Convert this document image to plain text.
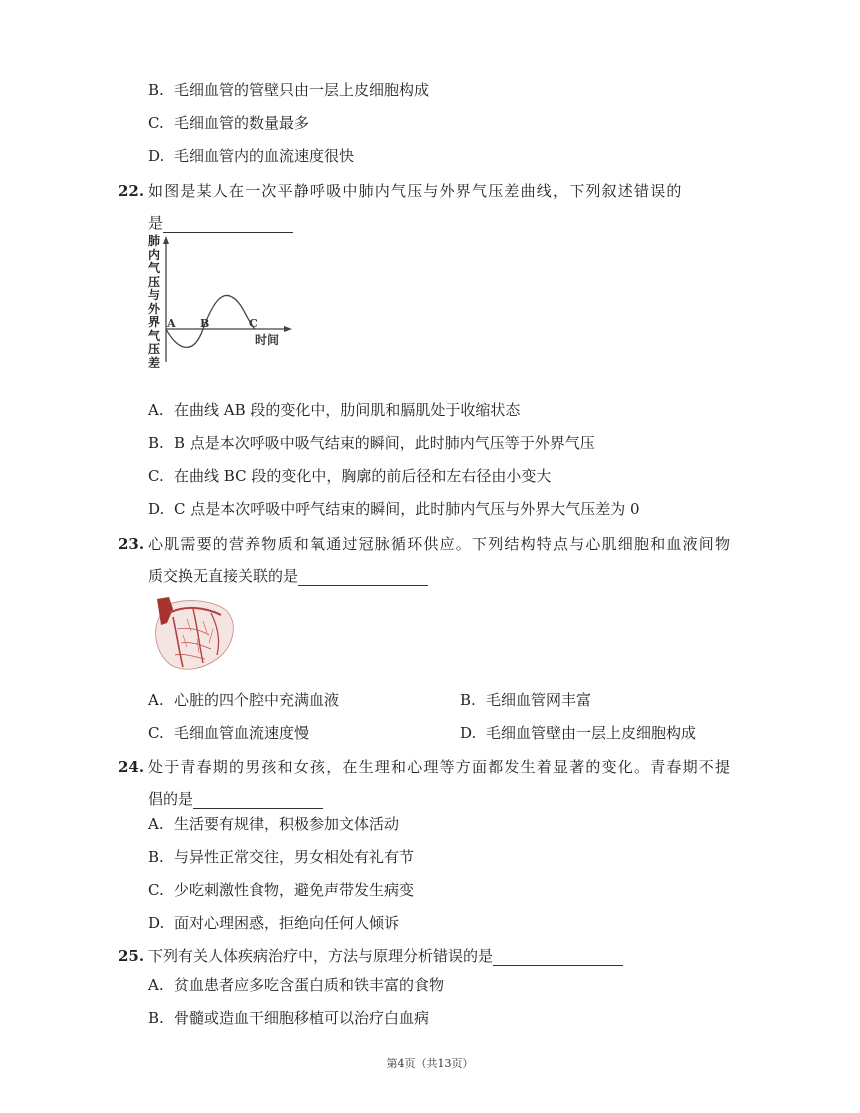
B. 毛细血管的管壁只由一层上皮细胞构成
C. 毛细血管的数量最多
D. 毛细血管内的血流速度很快
22. 如图是某人在一次平静呼吸中肺内气压与外界气压差曲线，下列叙述错误的
是
肺内气压与外界气压差
A B	C
时间
A. 在曲线 AB 段的变化中，肋间肌和膈肌处于收缩状态
B. B 点是本次呼吸中吸气结束的瞬间，此时肺内气压等于外界气压
C. 在曲线 BC 段的变化中，胸廓的前后径和左右径由小变大
D. C 点是本次呼吸中呼气结束的瞬间，此时肺内气压与外界大气压差为 0
23. 心肌需要的营养物质和氧通过冠脉循环供应。下列结构特点与心肌细胞和血液间物
质交换无直接关联的是
A. 心脏的四个腔中充满血液	B. 毛细血管网丰富
C. 毛细血管血流速度慢	D. 毛细血管壁由一层上皮细胞构成
24. 处于青春期的男孩和女孩，在生理和心理等方面都发生着显著的变化。青春期不提
倡的是
A. 生活要有规律，积极参加文体活动
B. 与异性正常交往，男女相处有礼有节
C. 少吃刺激性食物，避免声带发生病变
D. 面对心理困惑，拒绝向任何人倾诉
25. 下列有关人体疾病治疗中，方法与原理分析错误的是
A. 贫血患者应多吃含蛋白质和铁丰富的食物
B. 骨髓或造血干细胞移植可以治疗白血病
第4页（共13页）
